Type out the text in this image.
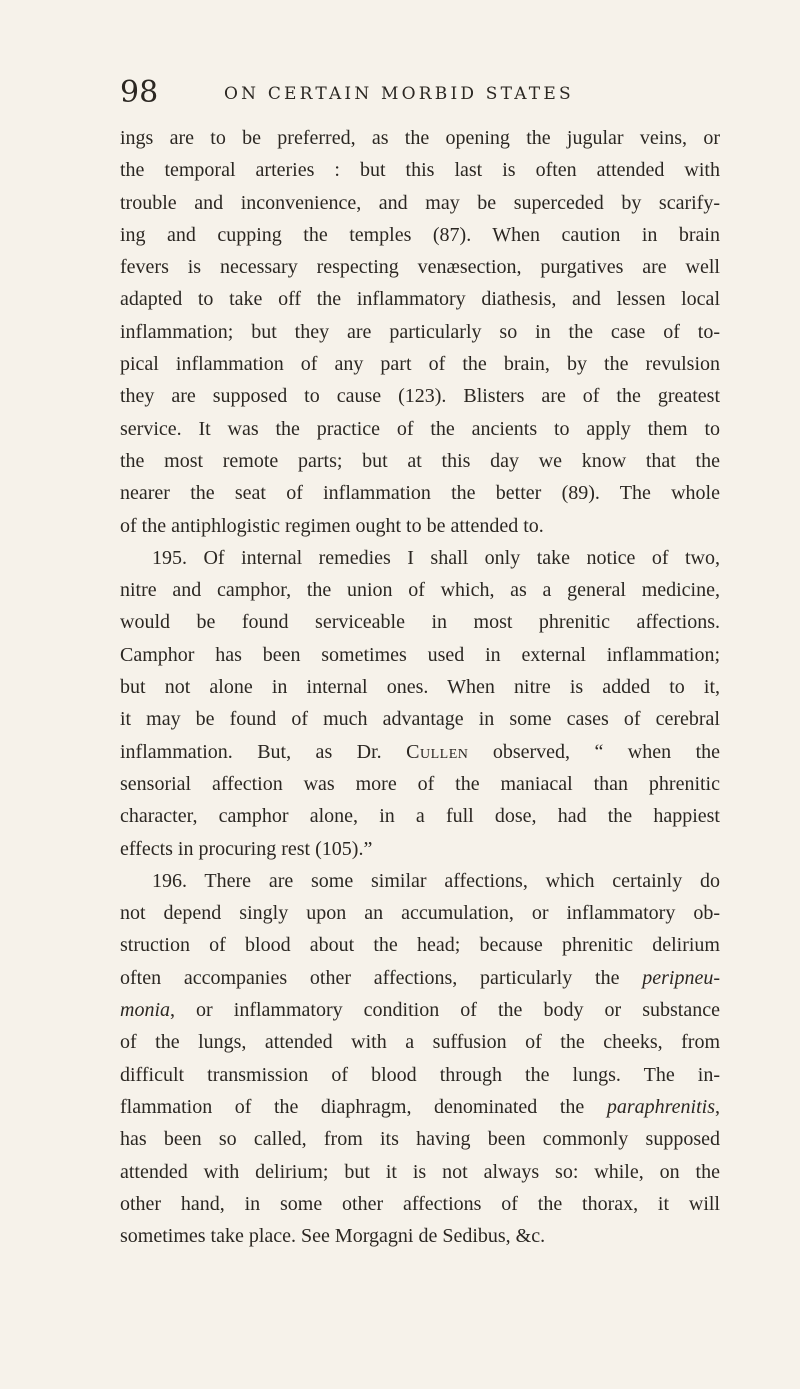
98	ON CERTAIN MORBID STATES
ings are to be preferred, as the opening the jugular veins, or
the temporal arteries : but this last is often attended with
trouble and inconvenience, and may be superceded by scarify-
ing and cupping the temples (87). When caution in brain
fevers is necessary respecting venæsection, purgatives are well
adapted to take off the inflammatory diathesis, and lessen local
inflammation; but they are particularly so in the case of to-
pical inflammation of any part of the brain, by the revulsion
they are supposed to cause (123). Blisters are of the greatest
service. It was the practice of the ancients to apply them to
the most remote parts; but at this day we know that the
nearer the seat of inflammation the better (89). The whole
of the antiphlogistic regimen ought to be attended to.
195. Of internal remedies I shall only take notice of two,
nitre and camphor, the union of which, as a general medicine,
would be found serviceable in most phrenitic affections.
Camphor has been sometimes used in external inflammation;
but not alone in internal ones. When nitre is added to it,
it may be found of much advantage in some cases of cerebral
inflammation. But, as Dr. Cullen observed, “ when the
sensorial affection was more of the maniacal than phrenitic
character, camphor alone, in a full dose, had the happiest
effects in procuring rest (105).”
196. There are some similar affections, which certainly do
not depend singly upon an accumulation, or inflammatory ob-
struction of blood about the head; because phrenitic delirium
often accompanies other affections, particularly the peripneu-
monia, or inflammatory condition of the body or substance
of the lungs, attended with a suffusion of the cheeks, from
difficult transmission of blood through the lungs. The in-
flammation of the diaphragm, denominated the paraphrenitis,
has been so called, from its having been commonly supposed
attended with delirium; but it is not always so: while, on the
other hand, in some other affections of the thorax, it will
sometimes take place. See Morgagni de Sedibus, &c.
